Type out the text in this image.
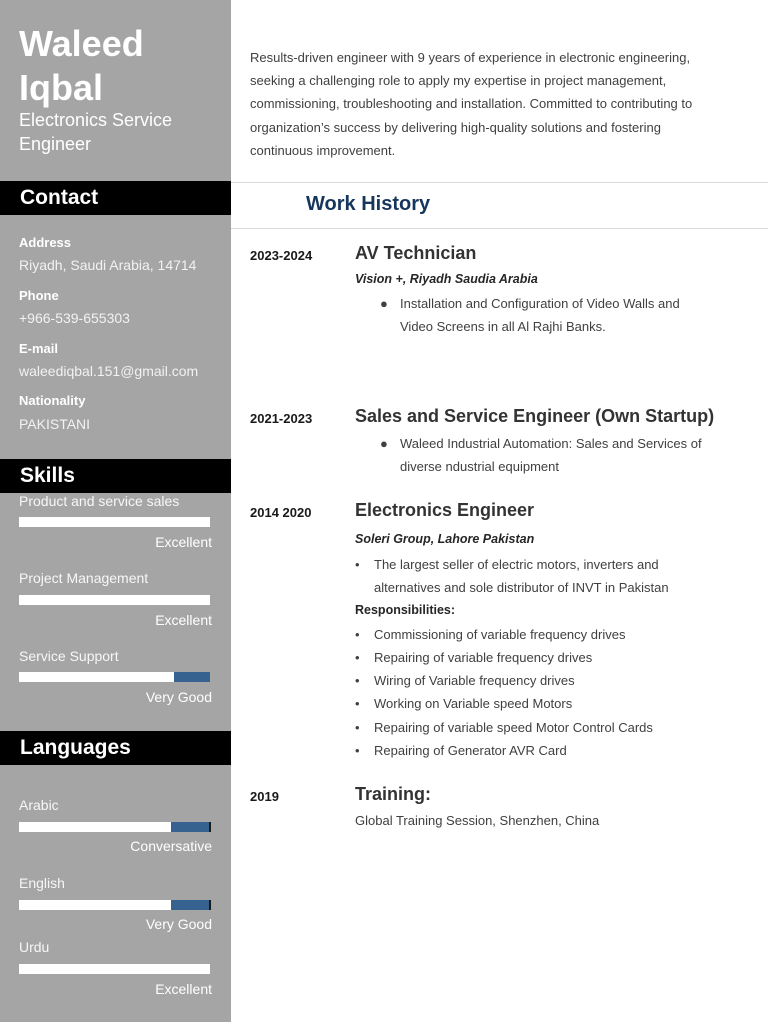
Waleed
Iqbal
Electronics Service
Engineer
Contact
Address
Riyadh, Saudi Arabia, 14714
Phone
+966-539-655303
E-mail
waleediqbal.151@gmail.com
Nationality
PAKISTANI
Skills
Product and service sales
Excellent
Project Management
Excellent
Service Support
Very Good
Languages
Arabic
Conversative
English
Very Good
Urdu
Excellent
Results-driven engineer with 9 years of experience in electronic engineering,
seeking a challenging role to apply my expertise in project management,
commissioning, troubleshooting and installation. Committed to contributing to
organization’s success by delivering high-quality solutions and fostering
continuous improvement.
Work History
2023-2024 AV Technician
Vision +, Riyadh Saudia Arabia
● Installation and Configuration of Video Walls and
Video Screens in all Al Rajhi Banks.
2021-2023 Sales and Service Engineer (Own Startup)
● Waleed Industrial Automation: Sales and Services of
diverse ndustrial equipment
2014 2020 Electronics Engineer
Soleri Group, Lahore Pakistan
•	The largest seller of electric motors, inverters and
alternatives and sole distributor of INVT in Pakistan
Responsibilities:
•	Commissioning of variable frequency drives
•	Repairing of variable frequency drives
•	Wiring of Variable frequency drives
•	Working on Variable speed Motors
•	Repairing of variable speed Motor Control Cards
•	Repairing of Generator AVR Card
2019	Training:
Global Training Session, Shenzhen, China
